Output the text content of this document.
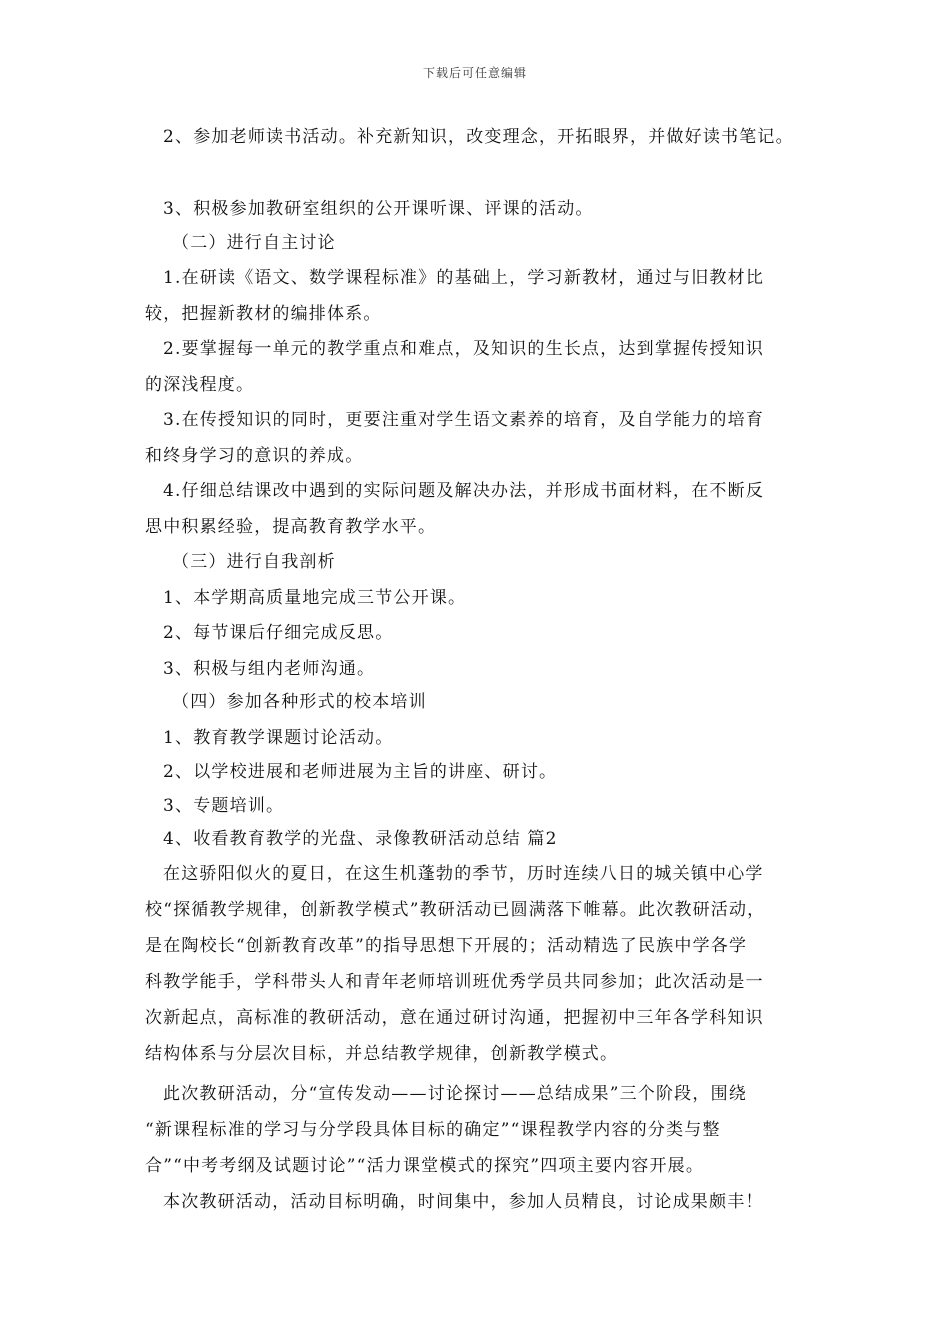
下载后可任意编辑
2、参加老师读书活动。补充新知识，改变理念，开拓眼界，并做好读书笔记。
3、积极参加教研室组织的公开课听课、评课的活动。
（二）进行自主讨论
1.在研读《语文、数学课程标准》的基础上，学习新教材，通过与旧教材比
较，把握新教材的编排体系。
2.要掌握每一单元的教学重点和难点，及知识的生长点，达到掌握传授知识
的深浅程度。
3.在传授知识的同时，更要注重对学生语文素养的培育，及自学能力的培育
和终身学习的意识的养成。
4.仔细总结课改中遇到的实际问题及解决办法，并形成书面材料，在不断反
思中积累经验，提高教育教学水平。
（三）进行自我剖析
1、本学期高质量地完成三节公开课。
2、每节课后仔细完成反思。
3、积极与组内老师沟通。
（四）参加各种形式的校本培训
1、教育教学课题讨论活动。
2、以学校进展和老师进展为主旨的讲座、研讨。
3、专题培训。
4、收看教育教学的光盘、录像教研活动总结 篇2
在这骄阳似火的夏日，在这生机蓬勃的季节，历时连续八日的城关镇中心学
校“探循教学规律，创新教学模式”教研活动已圆满落下帷幕。此次教研活动，
是在陶校长“创新教育改革”的指导思想下开展的；活动精选了民族中学各学
科教学能手，学科带头人和青年老师培训班优秀学员共同参加；此次活动是一
次新起点，高标准的教研活动，意在通过研讨沟通，把握初中三年各学科知识
结构体系与分层次目标，并总结教学规律，创新教学模式。
此次教研活动，分“宣传发动——讨论探讨——总结成果”三个阶段，围绕
“新课程标准的学习与分学段具体目标的确定”“课程教学内容的分类与整
合”“中考考纲及试题讨论”“活力课堂模式的探究”四项主要内容开展。
本次教研活动，活动目标明确，时间集中，参加人员精良，讨论成果颇丰！
